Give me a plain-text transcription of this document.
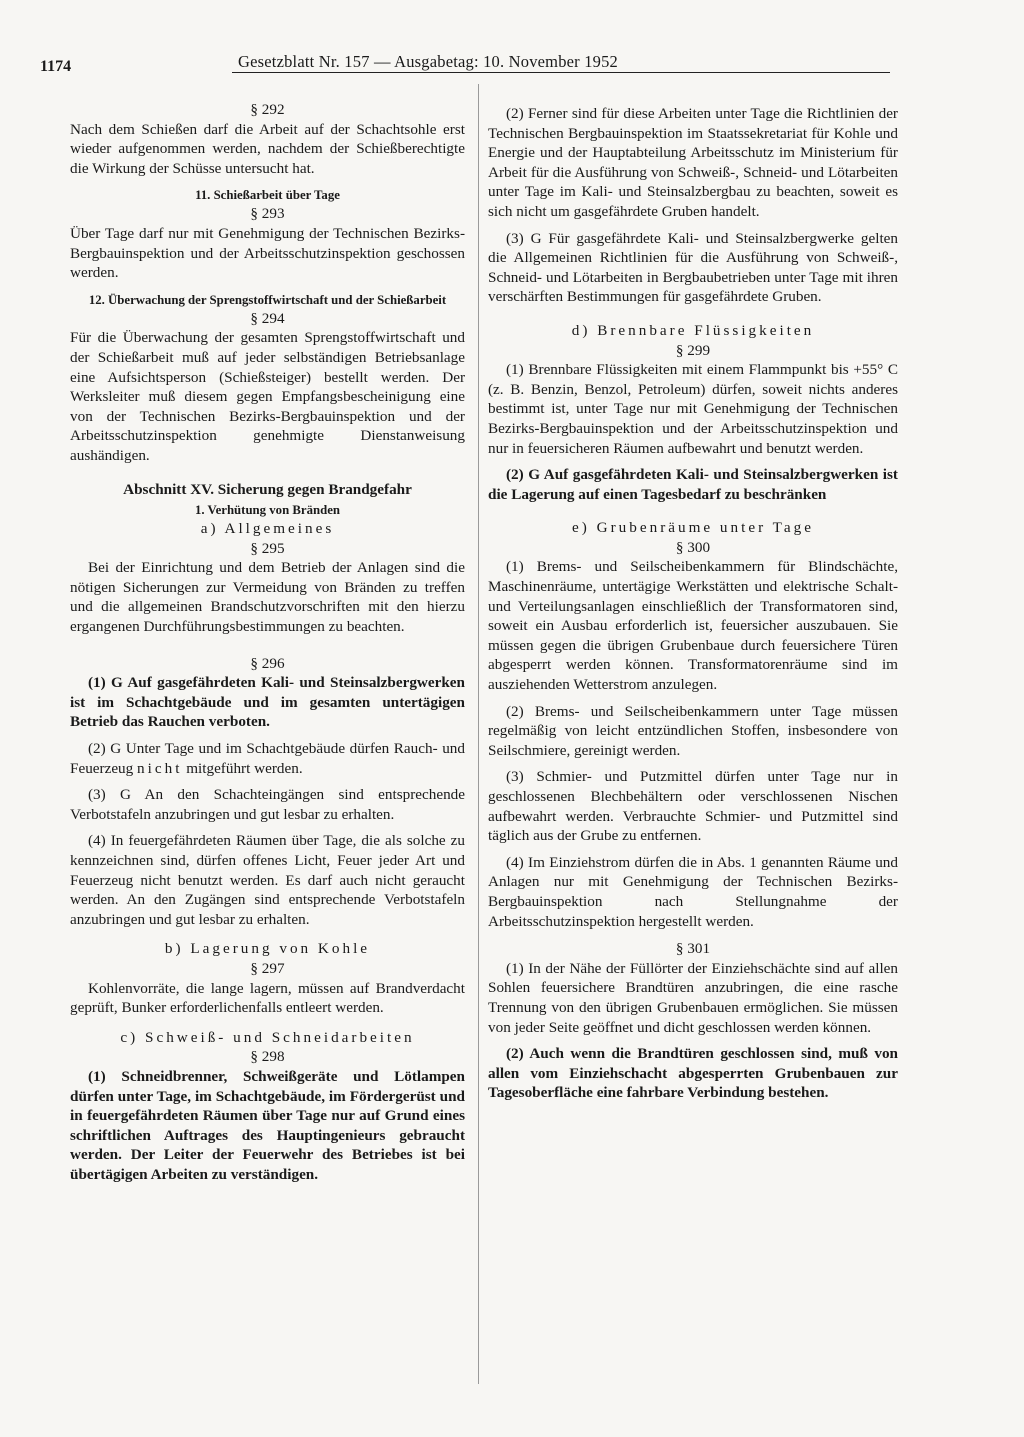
1174	Gesetzblatt Nr. 157 — Ausgabetag: 10. November 1952
§ 292

Nach dem Schießen darf die Arbeit auf der Schachtsohle erst wieder aufgenommen werden, nachdem der Schießberechtigte die Wirkung der Schüsse untersucht hat.

11. Schießarbeit über Tage
§ 293

Über Tage darf nur mit Genehmigung der Technischen Bezirks-Bergbauinspektion und der Arbeitsschutzinspektion geschossen werden.

12. Überwachung der Sprengstoffwirtschaft und der Schießarbeit
§ 294

Für die Überwachung der gesamten Sprengstoffwirtschaft und der Schießarbeit muß auf jeder selbständigen Betriebsanlage eine Aufsichtsperson (Schießsteiger) bestellt werden. Der Werksleiter muß diesem gegen Empfangsbescheinigung eine von der Technischen Bezirks-Bergbauinspektion und der Arbeitsschutzinspektion genehmigte Dienstanweisung aushändigen.

Abschnitt XV. Sicherung gegen Brandgefahr
1. Verhütung von Bränden
a) Allgemeines
§ 295

Bei der Einrichtung und dem Betrieb der Anlagen sind die nötigen Sicherungen zur Vermeidung von Bränden zu treffen und die allgemeinen Brandschutzvorschriften mit den hierzu ergangenen Durchführungsbestimmungen zu beachten.

§ 296

(1) G Auf gasgefährdeten Kali- und Steinsalzbergwerken ist im Schachtgebäude und im gesamten untertägigen Betrieb das Rauchen verboten.

(2) G Unter Tage und im Schachtgebäude dürfen Rauch- und Feuerzeug nicht mitgeführt werden.

(3) G An den Schachteingängen sind entsprechende Verbotstafeln anzubringen und gut lesbar zu erhalten.

(4) In feuergefährdeten Räumen über Tage, die als solche zu kennzeichnen sind, dürfen offenes Licht, Feuer jeder Art und Feuerzeug nicht benutzt werden. Es darf auch nicht geraucht werden. An den Zugängen sind entsprechende Verbotstafeln anzubringen und gut lesbar zu erhalten.

b) Lagerung von Kohle
§ 297

Kohlenvorräte, die lange lagern, müssen auf Brandverdacht geprüft, Bunker erforderlichenfalls entleert werden.

c) Schweiß- und Schneidarbeiten
§ 298

(1) Schneidbrenner, Schweißgeräte und Lötlampen dürfen unter Tage, im Schachtgebäude, im Fördergerüst und in feuergefährdeten Räumen über Tage nur auf Grund eines schriftlichen Auftrages des Hauptingenieurs gebraucht werden. Der Leiter der Feuerwehr des Betriebes ist bei übertägigen Arbeiten zu verständigen.

(2) Ferner sind für diese Arbeiten unter Tage die Richtlinien der Technischen Bergbauinspektion im Staatssekretariat für Kohle und Energie und der Hauptabteilung Arbeitsschutz im Ministerium für Arbeit für die Ausführung von Schweiß-, Schneid- und Lötarbeiten unter Tage im Kali- und Steinsalzbergbau zu beachten, soweit es sich nicht um gasgefährdete Gruben handelt.

(3) G Für gasgefährdete Kali- und Steinsalzbergwerke gelten die Allgemeinen Richtlinien für die Ausführung von Schweiß-, Schneid- und Lötarbeiten in Bergbaubetrieben unter Tage mit ihren verschärften Bestimmungen für gasgefährdete Gruben.

d) Brennbare Flüssigkeiten
§ 299

(1) Brennbare Flüssigkeiten mit einem Flammpunkt bis +55° C (z. B. Benzin, Benzol, Petroleum) dürfen, soweit nichts anderes bestimmt ist, unter Tage nur mit Genehmigung der Technischen Bezirks-Bergbauinspektion und der Arbeitsschutzinspektion und nur in feuersicheren Räumen aufbewahrt und benutzt werden.

(2) G Auf gasgefährdeten Kali- und Steinsalzbergwerken ist die Lagerung auf einen Tagesbedarf zu beschränken

e) Grubenräume unter Tage
§ 300

(1) Brems- und Seilscheibenkammern für Blindschächte, Maschinenräume, untertägige Werkstätten und elektrische Schalt- und Verteilungsanlagen einschließlich der Transformatoren sind, soweit ein Ausbau erforderlich ist, feuersicher auszubauen. Sie müssen gegen die übrigen Grubenbaue durch feuersichere Türen abgesperrt werden können. Transformatorenräume sind im ausziehenden Wetterstrom anzulegen.

(2) Brems- und Seilscheibenkammern unter Tage müssen regelmäßig von leicht entzündlichen Stoffen, insbesondere von Seilschmiere, gereinigt werden.

(3) Schmier- und Putzmittel dürfen unter Tage nur in geschlossenen Blechbehältern oder verschlossenen Nischen aufbewahrt werden. Verbrauchte Schmier- und Putzmittel sind täglich aus der Grube zu entfernen.

(4) Im Einziehstrom dürfen die in Abs. 1 genannten Räume und Anlagen nur mit Genehmigung der Technischen Bezirks-Bergbauinspektion nach Stellungnahme der Arbeitsschutzinspektion hergestellt werden.

§ 301

(1) In der Nähe der Füllörter der Einziehschächte sind auf allen Sohlen feuersichere Brandtüren anzubringen, die eine rasche Trennung von den übrigen Grubenbauen ermöglichen. Sie müssen von jeder Seite geöffnet und dicht geschlossen werden können.

(2) Auch wenn die Brandtüren geschlossen sind, muß von allen vom Einziehschacht abgesperrten Grubenbauen zur Tagesoberfläche eine fahrbare Verbindung bestehen.
